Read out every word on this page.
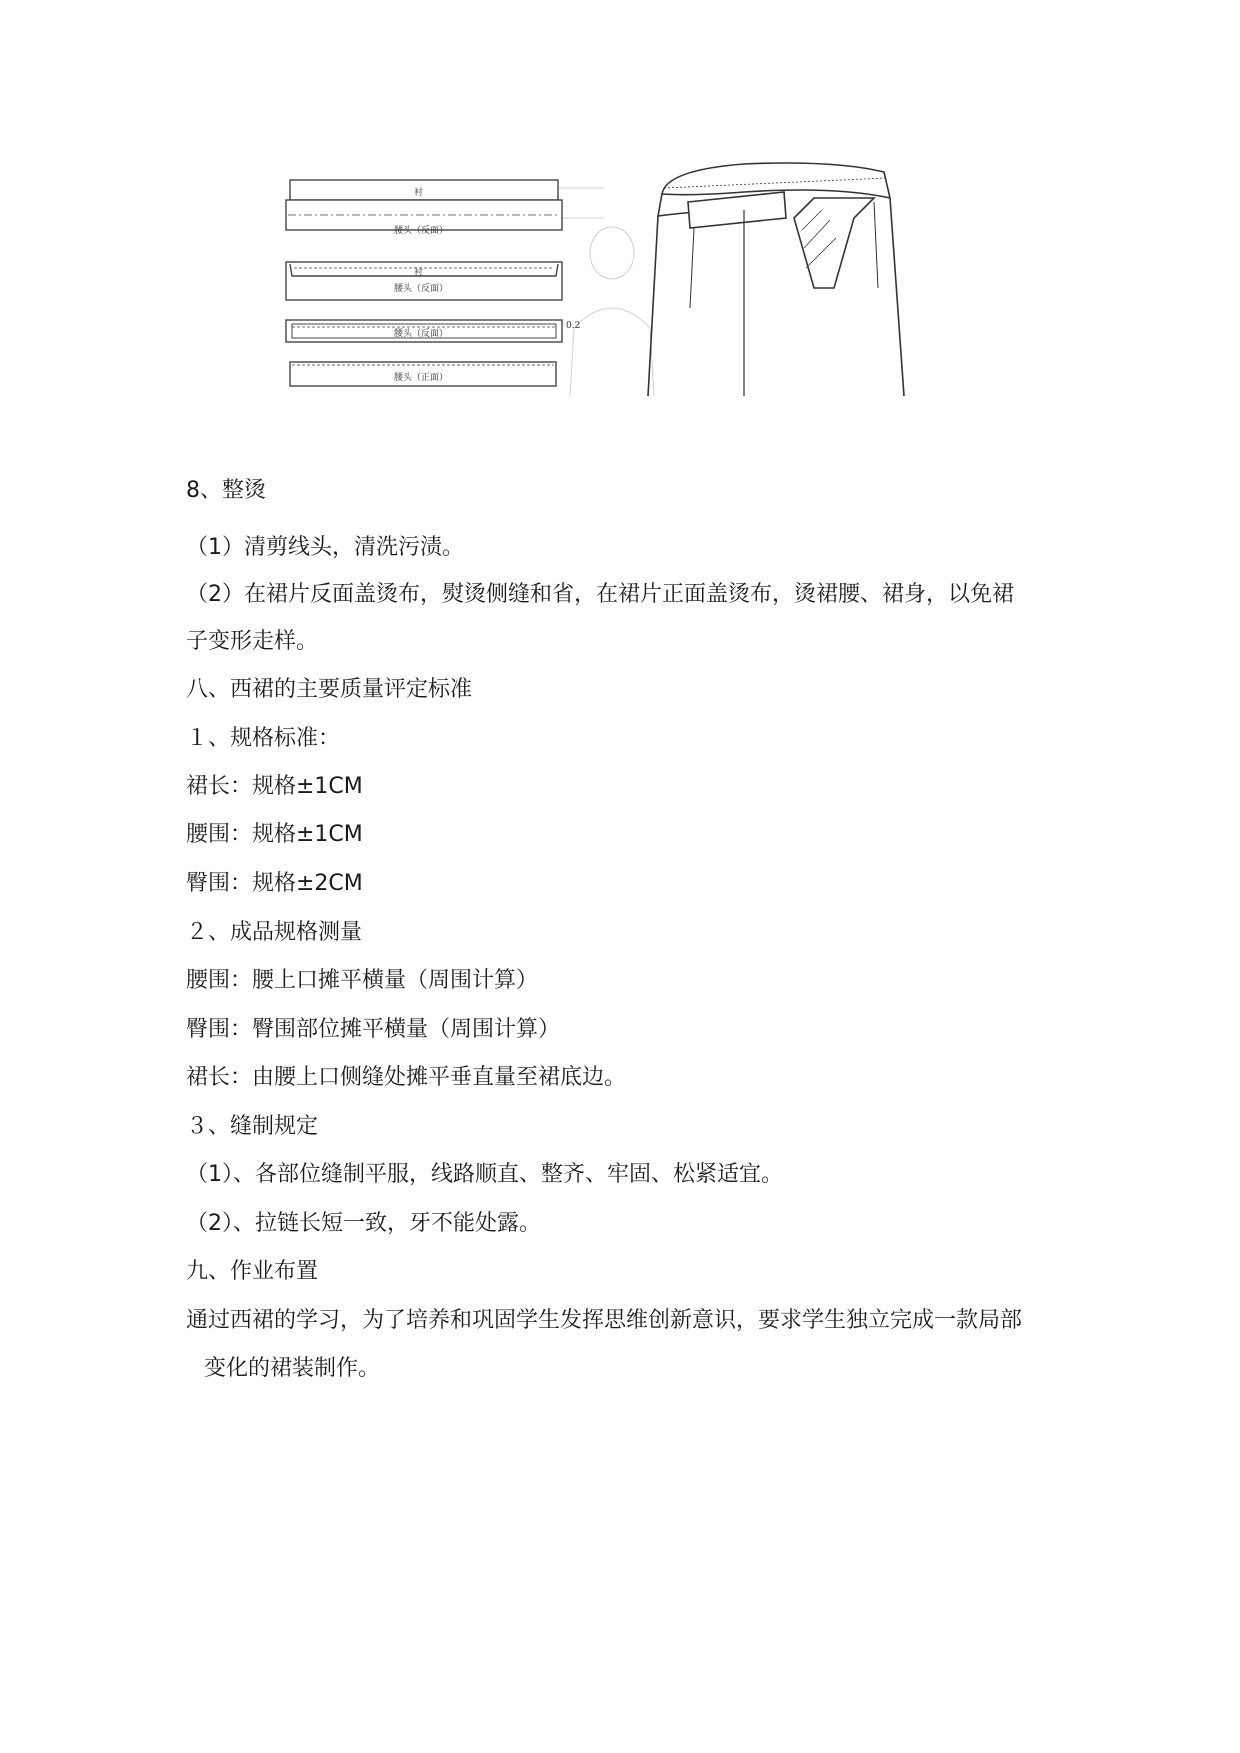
衬
腰头（反面）
衬
腰头（反面）
腰头（反面）
0.2
腰头（正面）
8、整烫
（1）清剪线头，清洗污渍。
（2）在裙片反面盖烫布，熨烫侧缝和省，在裙片正面盖烫布，烫裙腰、裙身，以免裙
子变形走样。
八、西裙的主要质量评定标准
１、规格标准：
裙长：规格±1CM
腰围：规格±1CM
臀围：规格±2CM
２、成品规格测量
腰围：腰上口摊平横量（周围计算）
臀围：臀围部位摊平横量（周围计算）
裙长：由腰上口侧缝处摊平垂直量至裙底边。
３、缝制规定
（1）、各部位缝制平服，线路顺直、整齐、牢固、松紧适宜。
（2）、拉链长短一致，牙不能处露。
九、作业布置
通过西裙的学习，为了培养和巩固学生发挥思维创新意识，要求学生独立完成一款局部
变化的裙装制作。
